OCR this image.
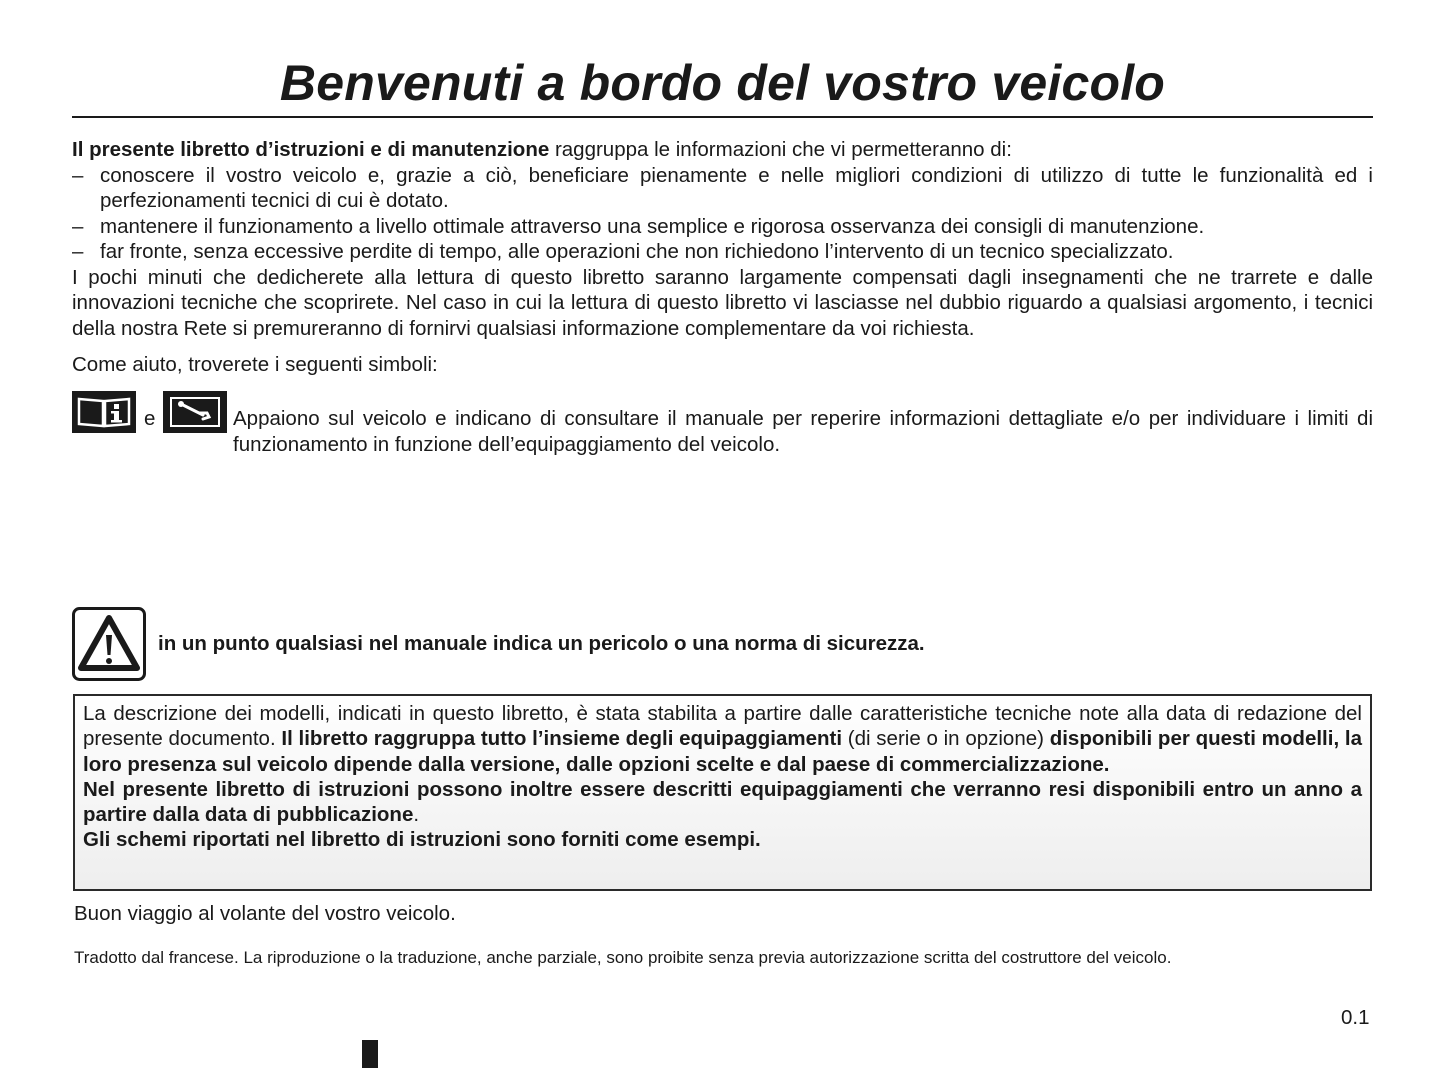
Benvenuti a bordo del vostro veicolo

Il presente libretto d’istruzioni e di manutenzione raggruppa le informazioni che vi permetteranno di:

– conoscere il vostro veicolo e, grazie a ciò, beneficiare pienamente e nelle migliori condizioni di utilizzo di tutte le funzionalità ed i perfezionamenti tecnici di cui è dotato.

– mantenere il funzionamento a livello ottimale attraverso una semplice e rigorosa osservanza dei consigli di manutenzione.

– far fronte, senza eccessive perdite di tempo, alle operazioni che non richiedono l’intervento di un tecnico specializzato.

I pochi minuti che dedicherete alla lettura di questo libretto saranno largamente compensati dagli insegnamenti che ne trarrete e dalle innovazioni tecniche che scoprirete. Nel caso in cui la lettura di questo libretto vi lasciasse nel dubbio riguardo a qualsiasi argomento, i tecnici della nostra Rete si premureranno di fornirvi qualsiasi informazione complementare da voi richiesta.

Come aiuto, troverete i seguenti simboli:

e	Appaiono sul veicolo e indicano di consultare il manuale per reperire informazioni dettagliate e/o per individuare i limiti di funzionamento in funzione dell’equipaggiamento del veicolo.
in un punto qualsiasi nel manuale indica un pericolo o una norma di sicurezza.

La descrizione dei modelli, indicati in questo libretto, è stata stabilita a partire dalle caratteristiche tecniche note alla data di redazione del presente documento. Il libretto raggruppa tutto l’insieme degli equipaggiamenti (di serie o in opzione) disponibili per questi modelli, la loro presenza sul veicolo dipende dalla versione, dalle opzioni scelte e dal paese di commercializzazione.

Nel presente libretto di istruzioni possono inoltre essere descritti equipaggiamenti che verranno resi disponibili entro un anno a partire dalla data di pubblicazione.

Gli schemi riportati nel libretto di istruzioni sono forniti come esempi.

Buon viaggio al volante del vostro veicolo.
Tradotto dal francese. La riproduzione o la traduzione, anche parziale, sono proibite senza previa autorizzazione scritta del costruttore del veicolo.
0.1
